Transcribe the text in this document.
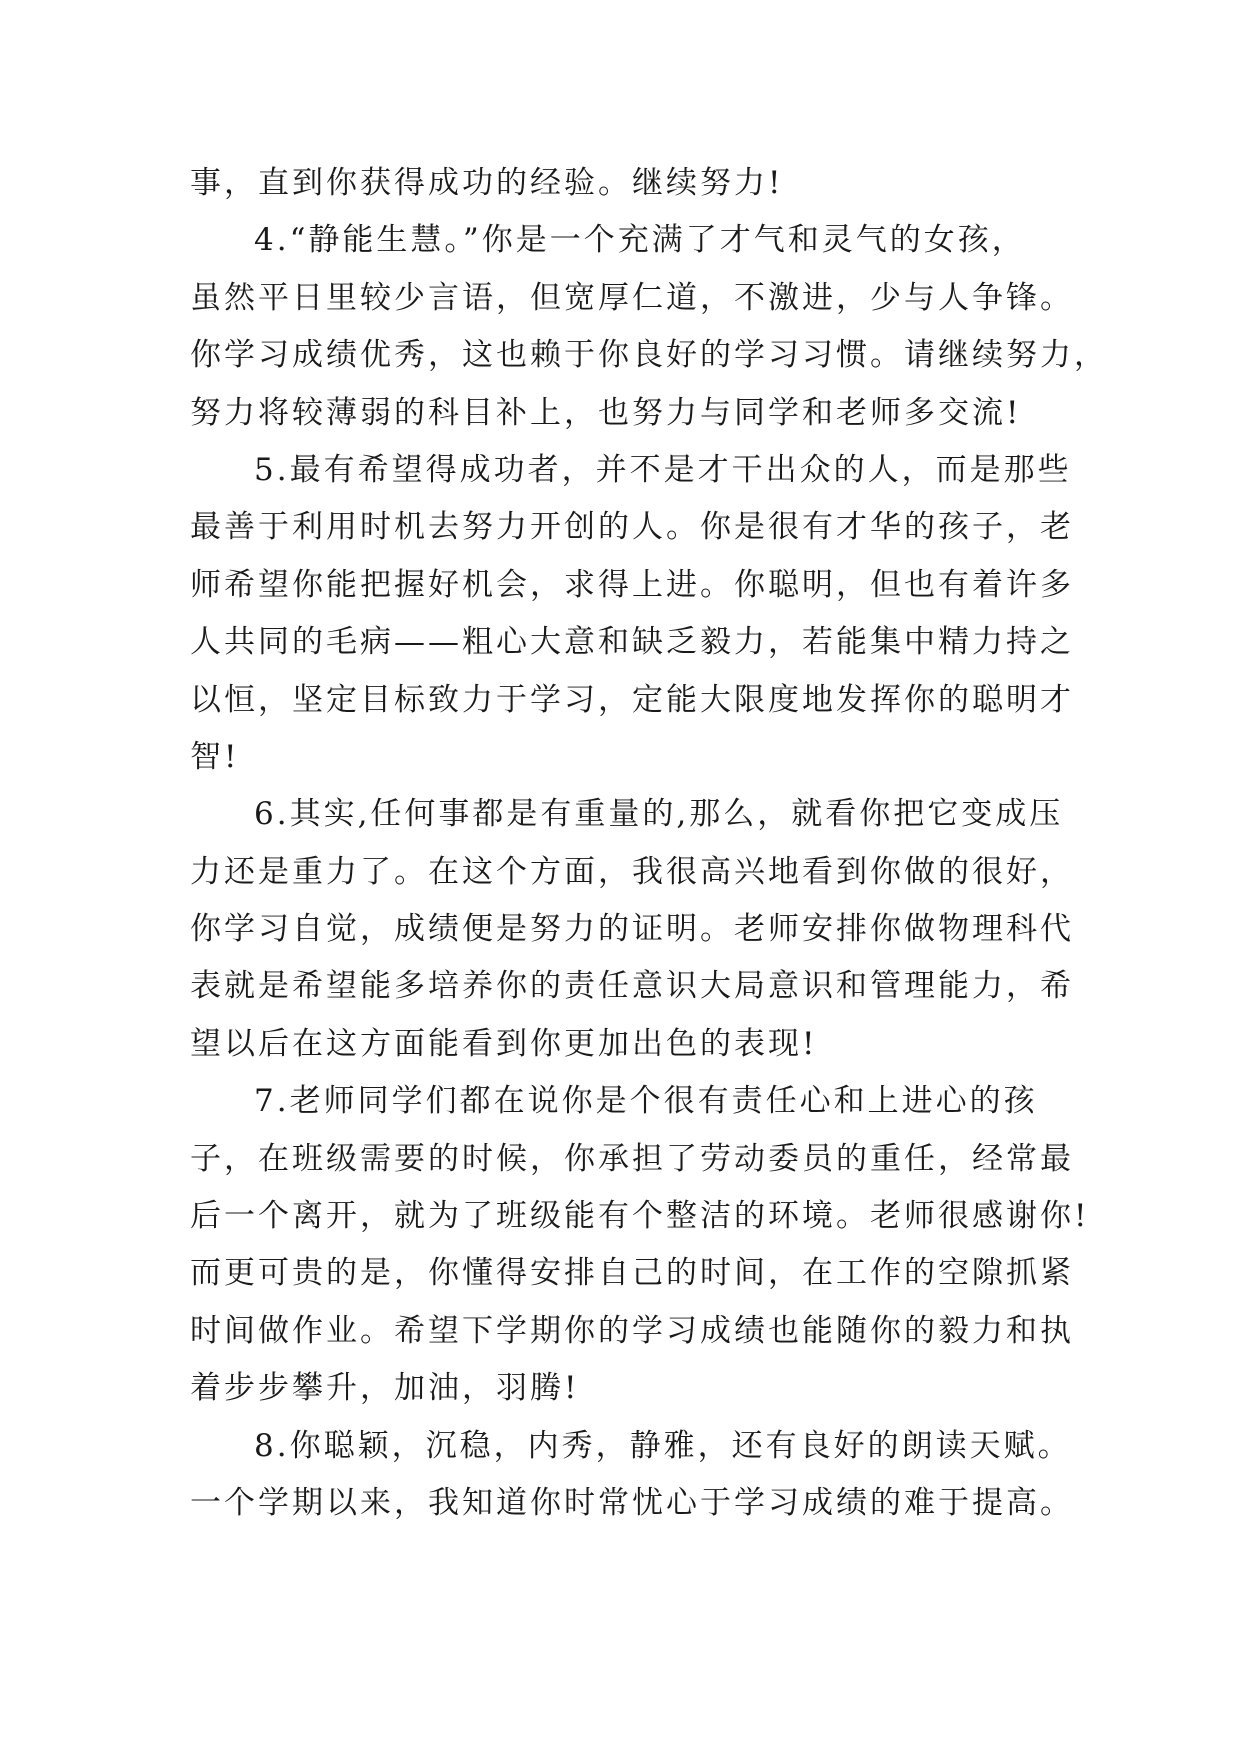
事，直到你获得成功的经验。继续努力!
4.“静能生慧。”你是一个充满了才气和灵气的女孩，
虽然平日里较少言语，但宽厚仁道，不激进，少与人争锋。
你学习成绩优秀，这也赖于你良好的学习习惯。请继续努力，
努力将较薄弱的科目补上，也努力与同学和老师多交流!
5.最有希望得成功者，并不是才干出众的人，而是那些
最善于利用时机去努力开创的人。你是很有才华的孩子，老
师希望你能把握好机会，求得上进。你聪明，但也有着许多
人共同的毛病——粗心大意和缺乏毅力，若能集中精力持之
以恒，坚定目标致力于学习，定能大限度地发挥你的聪明才
智!
6.其实,任何事都是有重量的,那么，就看你把它变成压
力还是重力了。在这个方面，我很高兴地看到你做的很好，
你学习自觉，成绩便是努力的证明。老师安排你做物理科代
表就是希望能多培养你的责任意识大局意识和管理能力，希
望以后在这方面能看到你更加出色的表现!
7.老师同学们都在说你是个很有责任心和上进心的孩
子，在班级需要的时候，你承担了劳动委员的重任，经常最
后一个离开，就为了班级能有个整洁的环境。老师很感谢你!
而更可贵的是，你懂得安排自己的时间，在工作的空隙抓紧
时间做作业。希望下学期你的学习成绩也能随你的毅力和执
着步步攀升，加油，羽腾!
8.你聪颖，沉稳，内秀，静雅，还有良好的朗读天赋。
一个学期以来，我知道你时常忧心于学习成绩的难于提高。
